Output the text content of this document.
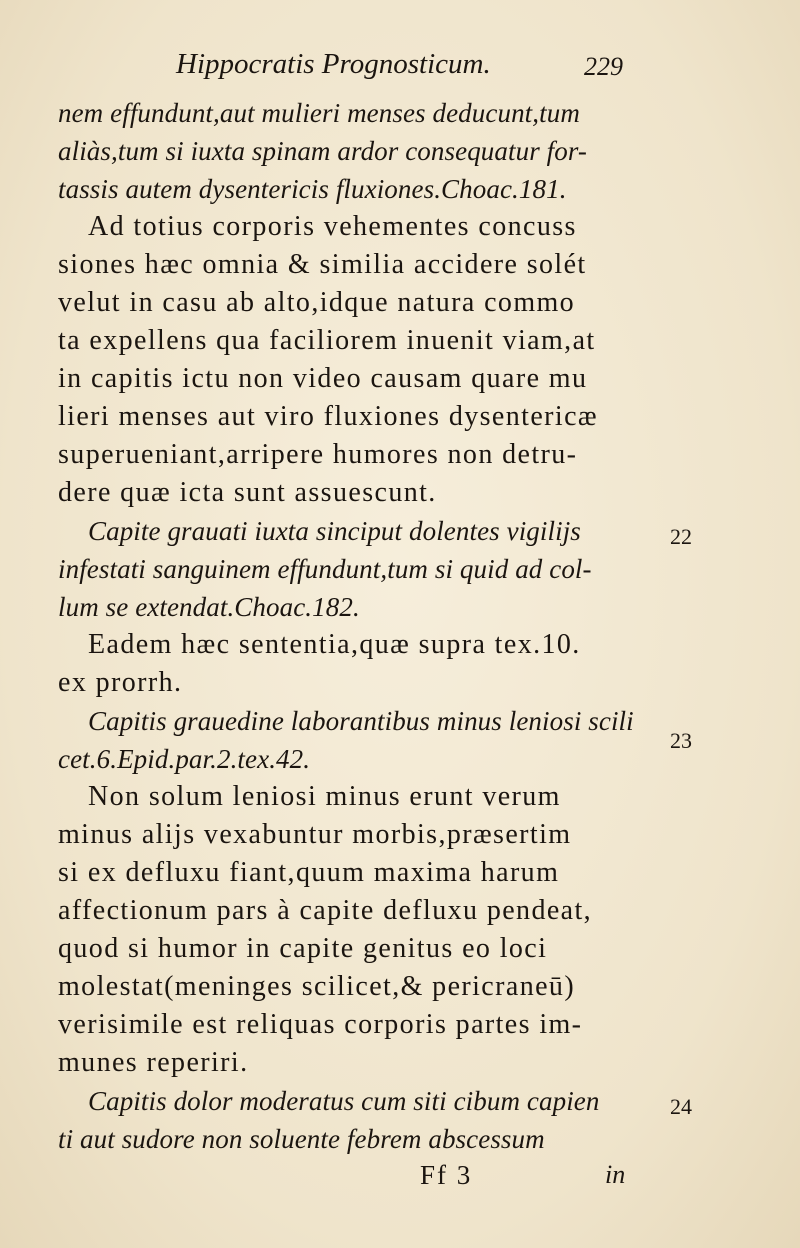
Hippocratis Prognosticum.	229
nem effundunt,aut mulieri menses deducunt,tum
aliàs,tum si iuxta spinam ardor consequatur for-
tassis autem dysentericis fluxiones.Choac.181.
Ad totius corporis vehementes concuss
siones hæc omnia & similia accidere solét
velut in casu ab alto,idque natura commo
ta expellens qua faciliorem inuenit viam,at
in capitis ictu non video causam quare mu
lieri menses aut viro fluxiones dysentericæ
superueniant,arripere humores non detru-
dere quæ icta sunt assuescunt.
Capite grauati iuxta sinciput dolentes vigilijs
infestati sanguinem effundunt,tum si quid ad col-
lum se extendat.Choac.182.
Eadem hæc sententia,quæ supra tex.10.
ex prorrh.
Capitis grauedine laborantibus minus leniosi scili
cet.6.Epid.par.2.tex.42.
Non solum leniosi minus erunt verum
minus alijs vexabuntur morbis,præsertim
si ex defluxu fiant,quum maxima harum
affectionum pars à capite defluxu pendeat,
quod si humor in capite genitus eo loci
molestat(meninges scilicet,& pericraneū)
verisimile est reliquas corporis partes im-
munes reperiri.
Capitis dolor moderatus cum siti cibum capien
ti aut sudore non soluente febrem abscessum
22
23
24
Ff 3	in
